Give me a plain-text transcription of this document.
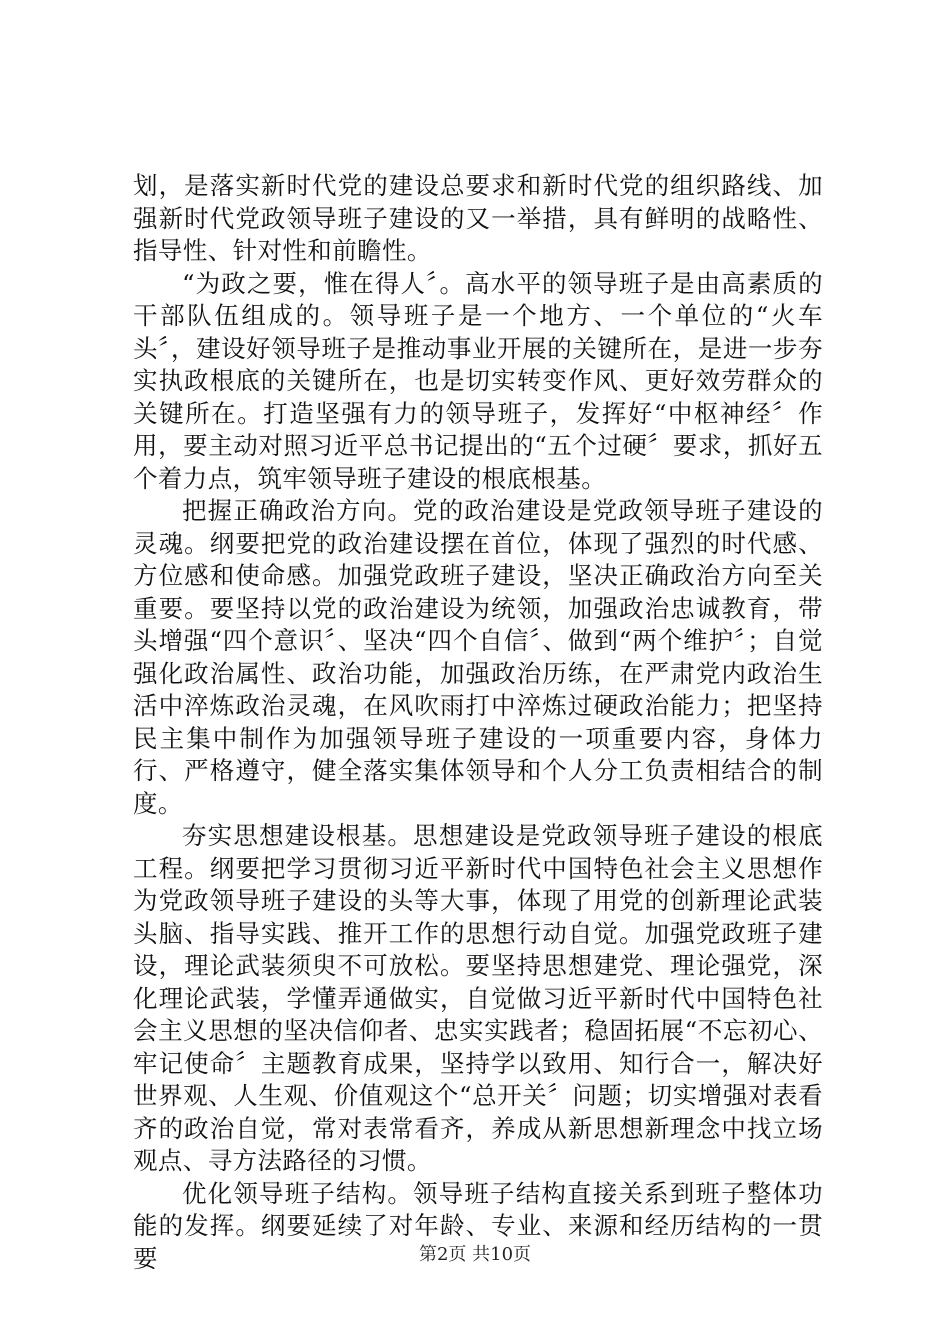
划，是落实新时代党的建设总要求和新时代党的组织路线、加强新时代党政领导班子建设的又一举措，具有鲜明的战略性、指导性、针对性和前瞻性。

“为政之要，惟在得人〞。高水平的领导班子是由高素质的干部队伍组成的。领导班子是一个地方、一个单位的“火车头〞，建设好领导班子是推动事业开展的关键所在，是进一步夯实执政根底的关键所在，也是切实转变作风、更好效劳群众的关键所在。打造坚强有力的领导班子，发挥好“中枢神经〞作用，要主动对照习近平总书记提出的“五个过硬〞要求，抓好五个着力点，筑牢领导班子建设的根底根基。

把握正确政治方向。党的政治建设是党政领导班子建设的灵魂。纲要把党的政治建设摆在首位，体现了强烈的时代感、方位感和使命感。加强党政班子建设，坚决正确政治方向至关重要。要坚持以党的政治建设为统领，加强政治忠诚教育，带头增强“四个意识〞、坚决“四个自信〞、做到“两个维护〞；自觉强化政治属性、政治功能，加强政治历练，在严肃党内政治生活中淬炼政治灵魂，在风吹雨打中淬炼过硬政治能力；把坚持民主集中制作为加强领导班子建设的一项重要内容，身体力行、严格遵守，健全落实集体领导和个人分工负责相结合的制度。

夯实思想建设根基。思想建设是党政领导班子建设的根底工程。纲要把学习贯彻习近平新时代中国特色社会主义思想作为党政领导班子建设的头等大事，体现了用党的创新理论武装头脑、指导实践、推开工作的思想行动自觉。加强党政班子建设，理论武装须臾不可放松。要坚持思想建党、理论强党，深化理论武装，学懂弄通做实，自觉做习近平新时代中国特色社会主义思想的坚决信仰者、忠实实践者；稳固拓展“不忘初心、牢记使命〞主题教育成果，坚持学以致用、知行合一，解决好世界观、人生观、价值观这个“总开关〞问题；切实增强对表看齐的政治自觉，常对表常看齐，养成从新思想新理念中找立场观点、寻方法路径的习惯。

优化领导班子结构。领导班子结构直接关系到班子整体功能的发挥。纲要延续了对年龄、专业、来源和经历结构的一贯要	第2页 共10页
